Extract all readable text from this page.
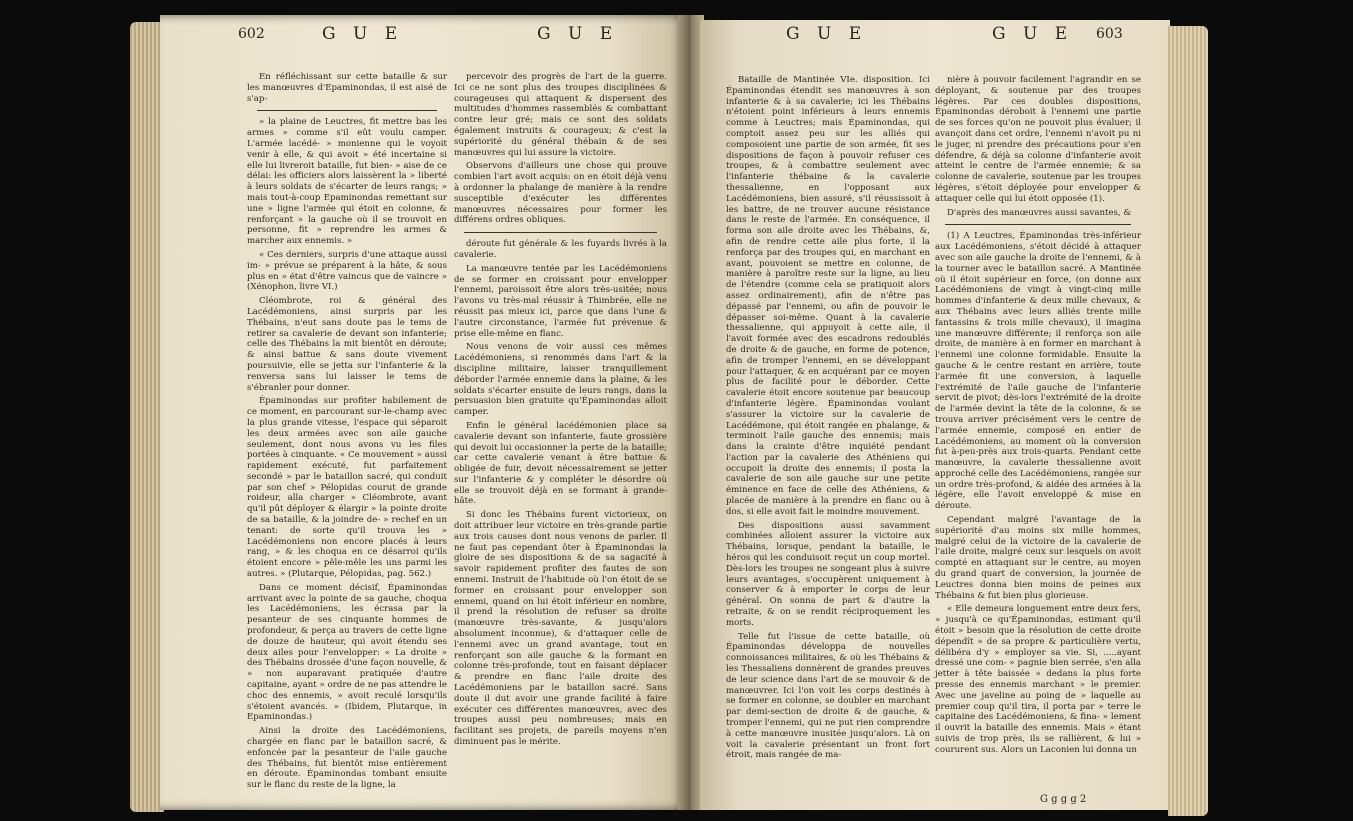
602	G U E	G U E

En réfléchissant sur cette bataille & sur les manœuvres d'Epaminondas, il est aisé de s'ap-

» la plaine de Leuctres, fit mettre bas les armes » comme s'il eût voulu camper. L'armée lacédé- » monienne qui le voyoit venir à elle, & qui avoit » été incertaine si elle lui livreroit bataille, fut bien- » aise de ce délai: les officiers alors laissèrent la » liberté à leurs soldats de s'écarter de leurs rangs; » mais tout-à-coup Epaminondas remettant sur une » ligne l'armée qui étoit en colonne, & renforçant » la gauche où il se trouvoit en personne, fit » reprendre les armes & marcher aux ennemis. »

« Ces derniers, surpris d'une attaque aussi im- » prévue se préparent à la hâte, & sous plus en » état d'être vaincus que de vaincre » (Xénophon, livre VI.)

Cléombrote, roi & général des Lacédémoniens, ainsi surpris par les Thébains, n'eut sans doute pas le tems de retirer sa cavalerie de devant son infanterie; celle des Thébains la mit bientôt en déroute; & ainsi battue & sans doute vivement poursuivie, elle se jetta sur l'infanterie & la renversa sans lui laisser le tems de s'ébranler pour donner.

Épaminondas sur profiter habilement de ce moment, en parcourant sur-le-champ avec la plus grande vitesse, l'espace qui séparoit les deux armées avec son aile gauche seulement, dont nous avons vu les files portées à cinquante. « Ce mouvement » aussi rapidement exécuté, fut parfaitement secondé » par le bataillon sacré, qui conduit par son chef » Pélopidas courut de grande roideur, alla charger » Cléombrote, avant qu'il pût déployer & élargir » la pointe droite de sa bataille, & la joindre de- » rechef en un tenant: de sorte qu'il trouva les » Lacédémoniens non encore placés à leurs rang, » & les choqua en ce désarroi qu'ils étoient encore » pêle-mêle les uns parmi les autres. » (Plutarque, Pélopidas, pag. 562.)

Dans ce moment décisif, Épaminondas arrivant avec la pointe de sa gauche, choqua les Lacédémoniens, les écrasa par la pesanteur de ses cinquante hommes de profondeur, & perça au travers de cette ligne de douze de hauteur, qui avoit étendu ses deux ailes pour l'envelopper: « La droite » des Thébains drossée d'une façon nouvelle, & » non auparavant pratiquée d'autre capitaine, ayant » ordre de ne pas attendre le choc des ennemis, » avoit reculé lorsqu'ils s'étoient avancés. » (Ibidem, Plutarque, in Epaminondas.)

Ainsi la droite des Lacédémoniens, chargée en flanc par le bataillon sacré, & enfoncée par la pesanteur de l'aile gauche des Thébains, fut bientôt mise entièrement en déroute. Épaminondas tombant ensuite sur le flanc du reste de la ligne, la

percevoir des progrès de l'art de la guerre. Ici ce ne sont plus des troupes disciplinées & courageuses qui attaquent & dispersent des multitudes d'hommes rassemblés & combattant contre leur gré; mais ce sont des soldats également instruits & courageux; & c'est la supériorité du général thébain & de ses manœuvres qui lui assure la victoire.

Observons d'ailleurs une chose qui prouve combien l'art avoit acquis: on en étoit déjà venu à ordonner la phalange de manière à la rendre susceptible d'exécuter les différentes manœuvres nécessaires pour former les différens ordres obliques.

déroute fut générale & les fuyards livrés à la cavalerie.

La manœuvre tentée par les Lacédémoniens de se former en croissant pour envelopper l'ennemi, paroissoit être alors très-usitée; nous l'avons vu très-mal réussir à Thimbrée, elle ne réussit pas mieux ici, parce que dans l'une & l'autre circonstance, l'armée fut prévenue & prise elle-même en flanc.

Nous venons de voir aussi ces mêmes Lacédémoniens, si renommés dans l'art & la discipline militaire, laisser tranquillement déborder l'armée ennemie dans la plaine, & les soldats s'écarter ensuite de leurs rangs, dans la persuasion bien gratuite qu'Épaminondas alloit camper.

Enfin le général lacédémonien place sa cavalerie devant son infanterie, faute grossière qui devoit lui occasionner la perte de la bataille; car cette cavalerie venant à être battue & obligée de fuir, devoit nécessairement se jetter sur l'infanterie & y compléter le désordre où elle se trouvoit déjà en se formant à grande-hâte.

Si donc les Thébains furent victorieux, on doit attribuer leur victoire en très-grande partie aux trois causes dont nous venons de parler. Il ne faut pas cependant ôter à Épaminondas la gloire de ses dispositions & de sa sagacité à savoir rapidement profiter des fautes de son ennemi. Instruit de l'habitude où l'on étoit de se former en croissant pour envelopper son ennemi, quand on lui étoit inférieur en nombre, il prend la résolution de refuser sa droite (manœuvre très-savante, & jusqu'alors absolument inconnue), & d'attaquer celle de l'ennemi avec un grand avantage, tout en renforçant son aile gauche & la formant en colonne très-profonde, tout en faisant déplacer & prendre en flanc l'aile droite des Lacédémoniens par le bataillon sacré. Sans doute il dut avoir une grande facilité à faire exécuter ces différentes manœuvres, avec des troupes aussi peu nombreuses; mais en facilitant ses projets, de pareils moyens n'en diminuent pas le mérite.

G U E	G U E 603

Bataille de Mantinée VIe. disposition. Ici Épaminondas étendit ses manœuvres à son infanterie & à sa cavalerie; ici les Thébains n'étoient point inférieurs à leurs ennemis comme à Leuctres; mais Épaminondas, qui comptoit assez peu sur les alliés qui composoient une partie de son armée, fit ses dispositions de façon à pouvoir refuser ces troupes, & à combattre seulement avec l'infanterie thébaine & la cavalerie thessalienne, en l'opposant aux Lacédémoniens, bien assuré, s'il réussissoit à les battre, de ne trouver aucune résistance dans le reste de l'armée. En conséquence, il forma son aile droite avec les Thébains, &, afin de rendre cette aile plus forte, il la renforça par des troupes qui, en marchant en avant, pouvoient se mettre en colonne, de manière à paroître reste sur la ligne, au lieu de l'étendre (comme cela se pratiquoit alors assez ordinairement), afin de n'être pas dépassé par l'ennemi, ou afin de pouvoir le dépasser soi-même. Quant à la cavalerie thessalienne, qui appuyoit à cette aile, il l'avoit formée avec des escadrons redoublés de droite & de gauche, en forme de potence, afin de tromper l'ennemi, en se développant pour l'attaquer, & en acquérant par ce moyen plus de facilité pour le déborder. Cette cavalerie étoit encore soutenue par beaucoup d'infanterie légère. Épaminondas voulant s'assurer la victoire sur la cavalerie de Lacédémone, qui étoit rangée en phalange, & terminoit l'aile gauche des ennemis; mais dans la crainte d'être inquiété pendant l'action par la cavalerie des Athéniens qui occupoit la droite des ennemis; il posta la cavalerie de son aile gauche sur une petite éminence en face de celle des Athéniens, & placée de manière à la prendre en flanc ou à dos, si elle avoit fait le moindre mouvement.

Des dispositions aussi savamment combinées alloient assurer la victoire aux Thébains, lorsque, pendant la bataille, le héros qui les conduisoit reçut un coup mortel. Dès-lors les troupes ne songeant plus à suivre leurs avantages, s'occupèrent uniquement à conserver & à emporter le corps de leur général. On sonna de part & d'autre la retraite, & on se rendit réciproquement les morts.

Telle fut l'issue de cette bataille, où Épaminondas développa de nouvelles connoissances militaires, & où les Thébains & les Thessaliens donnèrent de grandes preuves de leur science dans l'art de se mouvoir & de manœuvrer. Ici l'on voit les corps destinés à se former en colonne, se doubler en marchant par demi-section de droite & de gauche, & tromper l'ennemi, qui ne put rien comprendre à cette manœuvre inusitée jusqu'alors. Là on voit la cavalerie présentant un front fort étroit, mais rangée de ma-

nière à pouvoir facilement l'agrandir en se déployant, & soutenue par des troupes légères. Par ces doubles dispositions, Épaminondas déroboit à l'ennemi une partie de ses forces qu'on ne pouvoit plus évaluer; il avançoit dans cet ordre, l'ennemi n'avoit pu ni le juger, ni prendre des précautions pour s'en défendre, & déjà sa colonne d'infanterie avoit atteint le centre de l'armée ennemie; & sa colonne de cavalerie, soutenue par les troupes légères, s'étoit déployée pour envelopper & attaquer celle qui lui étoit opposée (1).

D'après des manœuvres aussi savantes, &

(1) A Leuctres, Épaminondas très-inférieur aux Lacédémoniens, s'étoit décidé à attaquer avec son aile gauche la droite de l'ennemi, & à la tourner avec le bataillon sacré. A Mantinée où il étoit supérieur en force, (on donne aux Lacédémoniens de vingt à vingt-cinq mille hommes d'infanterie & deux mille chevaux, & aux Thébains avec leurs alliés trente mille fantassins & trois mille chevaux), il imagina une manœuvre différente; il renforça son aile droite, de manière à en former en marchant à l'ennemi une colonne formidable. Ensuite la gauche & le centre restant en arrière, toute l'armée fit une conversion, à laquelle l'extrémité de l'aile gauche de l'infanterie servit de pivot; dès-lors l'extrémité de la droite de l'armée devint la tête de la colonne, & se trouva arriver précisément vers le centre de l'armée ennemie, composé en entier de Lacédémoniens, au moment où la conversion fut à-peu-près aux trois-quarts. Pendant cette manœuvre, la cavalerie thessalienne avoit approché celle des Lacédémoniens, rangée sur un ordre très-profond, & aidée des armées à la légère, elle l'avoit enveloppé & mise en déroute.

Cependant malgré l'avantage de la supériorité d'au moins six mille hommes, malgré celui de la victoire de la cavalerie de l'aile droite, malgré ceux sur lesquels on avoit compté en attaquant sur le centre, au moyen du grand quart de conversion, la journée de Leuctres donna bien moins de peines aux Thébains & fut bien plus glorieuse.

« Elle demeura longuement entre deux fers, » jusqu'à ce qu'Épaminondas, estimant qu'il étoit » besoin que la résolution de cette droite dépendît » de sa propre & particulière vertu, délibéra d'y » employer sa vie. Si, .....ayant dressé une com- » pagnie bien serrée, s'en alla jetter à tête baissée » dedans la plus forte presse des ennemis marchant » le premier. Avec une javeline au poing de » laquelle au premier coup qu'il tira, il porta par » terre le capitaine des Lacédémoniens, & fina- » lement il ouvrit la bataille des ennemis. Mais » étant suivis de trop près, ils se rallièrent, & lui » coururent sus. Alors un Laconien lui donna un

G g g g 2
